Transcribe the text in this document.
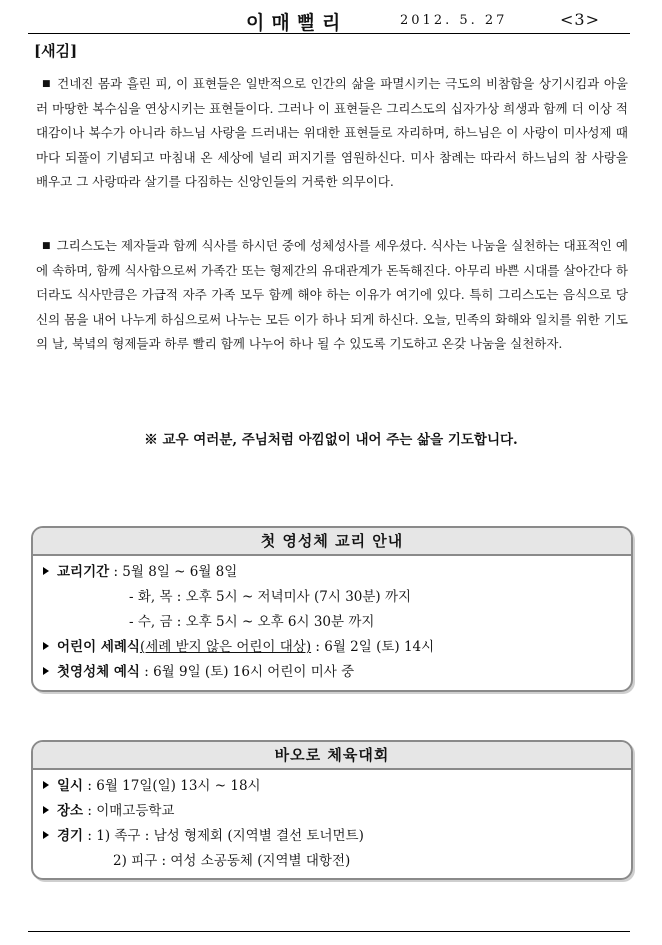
이매뻘리	2012. 5. 27	<3>
[새김]
■ 건네진 몸과 흘린 피, 이 표현들은 일반적으로 인간의 삶을 파멸시키는 극도의 비참함을 상기시킴과 아울러 마땅한 복수심을 연상시키는 표현들이다. 그러나 이 표현들은 그리스도의 십자가상 희생과 함께 더 이상 적대감이나 복수가 아니라 하느님 사랑을 드러내는 위대한 표현들로 자리하며, 하느님은 이 사랑이 미사성제 때마다 되풀이 기념되고 마침내 온 세상에 널리 퍼지기를 염원하신다. 미사 참례는 따라서 하느님의 참 사랑을 배우고 그 사랑따라 살기를 다짐하는 신앙인들의 거룩한 의무이다.
■ 그리스도는 제자들과 함께 식사를 하시던 중에 성체성사를 세우셨다. 식사는 나눔을 실천하는 대표적인 예에 속하며, 함께 식사함으로써 가족간 또는 형제간의 유대관계가 돈독해진다. 아무리 바쁜 시대를 살아간다 하더라도 식사만큼은 가급적 자주 가족 모두 함께 해야 하는 이유가 여기에 있다. 특히 그리스도는 음식으로 당신의 몸을 내어 나누게 하심으로써 나누는 모든 이가 하나 되게 하신다. 오늘, 민족의 화해와 일치를 위한 기도의 날, 북녘의 형제들과 하루 빨리 함께 나누어 하나 될 수 있도록 기도하고 온갖 나눔을 실천하자.
※ 교우 여러분, 주님처럼 아낌없이 내어 주는 삶을 기도합니다.
첫 영성체 교리 안내
교리기간 : 5월 8일 ~ 6월 8일
- 화, 목 : 오후 5시 ~ 저녁미사 (7시 30분) 까지
- 수, 금 : 오후 5시 ~ 오후 6시 30분 까지
어린이 세례식(세례 받지 않은 어린이 대상) : 6월 2일 (토) 14시
첫영성체 예식 : 6월 9일 (토) 16시 어린이 미사 중
바오로 체육대회
일시 : 6월 17일(일) 13시 ~ 18시
장소 : 이매고등학교
경기 : 1) 족구 : 남성 형제회 (지역별 결선 토너먼트)
2) 피구 : 여성 소공동체 (지역별 대항전)
